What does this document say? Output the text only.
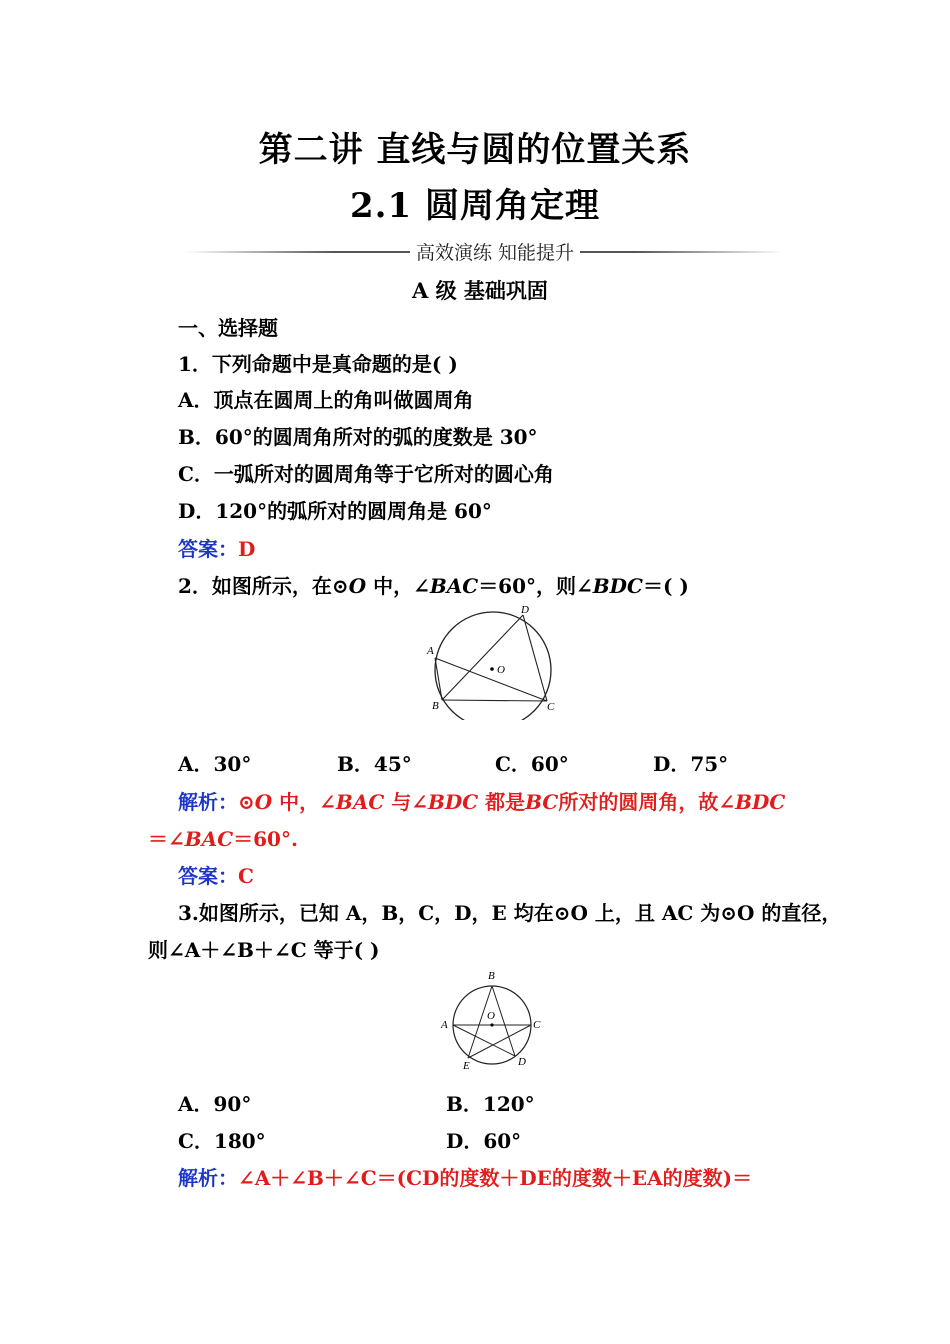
第二讲 直线与圆的位置关系
2.1 圆周角定理
高效演练 知能提升
A 级 基础巩固
一、选择题
1．下列命题中是真命题的是( )
A．顶点在圆周上的角叫做圆周角
B．60°的圆周角所对的弧的度数是 30°
C．一弧所对的圆周角等于它所对的圆心角
D．120°的弧所对的圆周角是 60°
答案：D
2．如图所示，在⊙O 中，∠BAC＝60°，则∠BDC＝( )
A
B	C
D
O
A．30°	B．45°	C．60°	D．75°
解析：⊙O 中，∠BAC 与∠BDC 都是BC所对的圆周角，故∠BDC
＝∠BAC＝60°.
答案：C
3.如图所示，已知 A，B，C，D，E 均在⊙O 上，且 AC 为⊙O 的直径，
则∠A＋∠B＋∠C 等于( )
B
A	C
D
E
O
A．90°	B．120°
C．180°	D．60°
解析：∠A＋∠B＋∠C＝(CD的度数＋DE的度数＋EA的度数)＝
